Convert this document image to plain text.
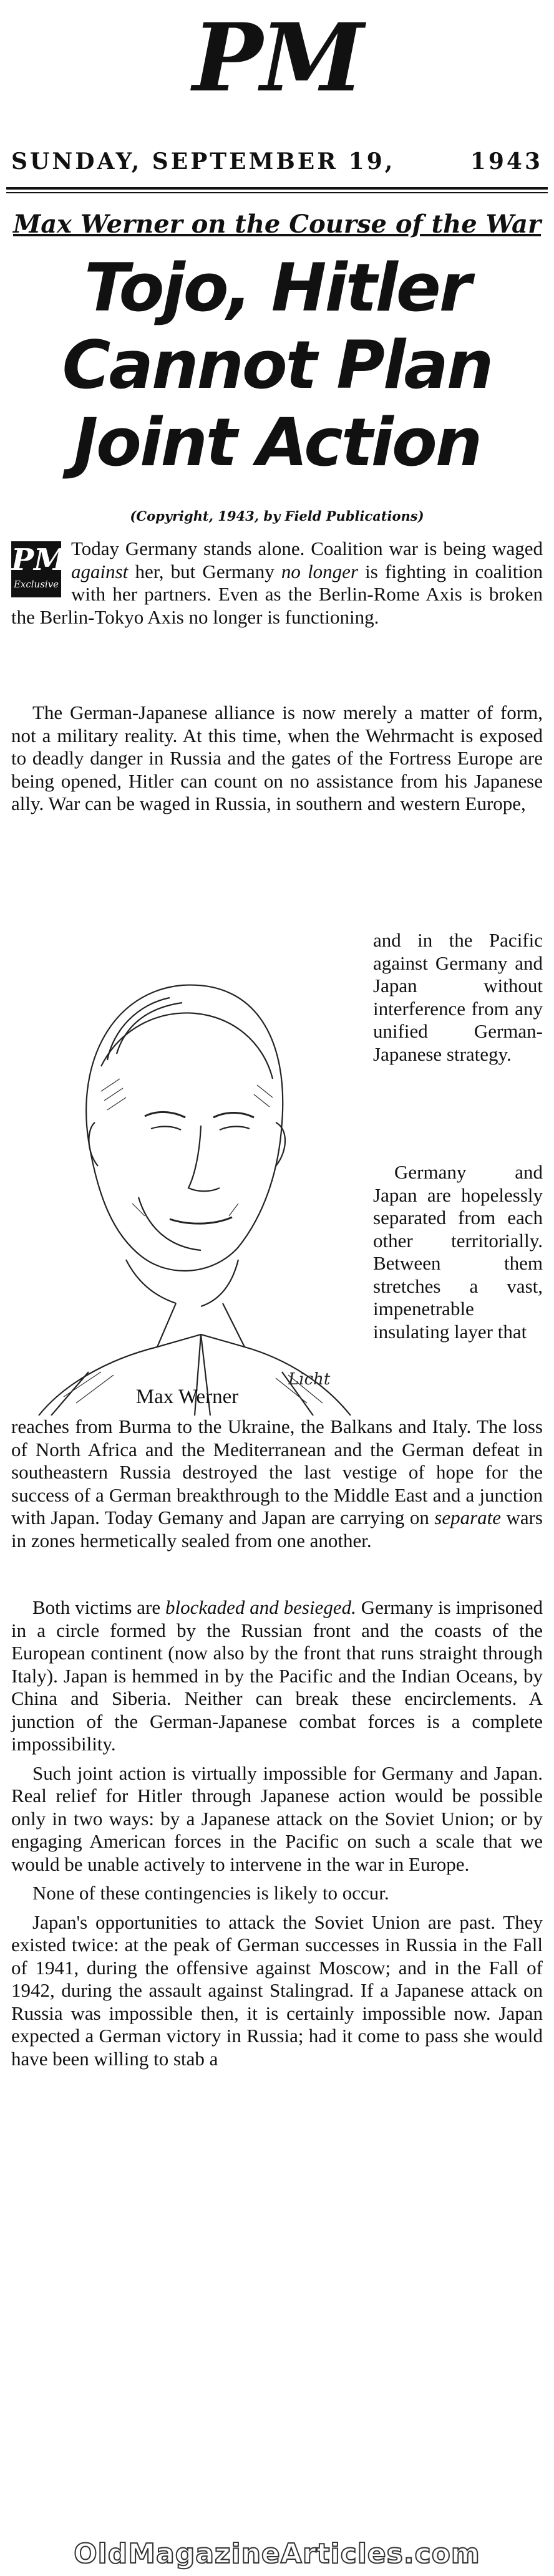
PM
SUNDAY, SEPTEMBER 19,	1943
Max Werner on the Course of the War
Tojo, Hitler
Cannot Plan
Joint Action
(Copyright, 1943, by Field Publications)
PM
Exclusive

Today Germany stands alone. Coalition war is being waged against her, but Germany no longer is fighting in coalition with her partners. Even as the Berlin-Rome Axis is broken the Berlin-Tokyo Axis no longer is functioning.

The German-Japanese alliance is now merely a matter of form, not a military reality. At this time, when the Wehrmacht is exposed to deadly danger in Russia and the gates of the Fortress Europe are being opened, Hitler can count on no assistance from his Japanese ally. War can be waged in Russia, in southern and western Europe,

Licht
Max Werner

and in the Pacific against Germany and Japan without interference from any unified German-Japanese strategy.

Germany and Japan are hopelessly separated from each other territorially. Between them stretches a vast, impenetrable insulating layer that

reaches from Burma to the Ukraine, the Balkans and Italy. The loss of North Africa and the Mediterranean and the German defeat in southeastern Russia destroyed the last vestige of hope for the success of a German breakthrough to the Middle East and a junction with Japan. Today Gemany and Japan are carrying on separate wars in zones hermetically sealed from one another.

Both victims are blockaded and besieged. Germany is imprisoned in a circle formed by the Russian front and the coasts of the European continent (now also by the front that runs straight through Italy). Japan is hemmed in by the Pacific and the Indian Oceans, by China and Siberia. Neither can break these encirclements. A junction of the German-Japanese combat forces is a complete impossibility.

Such joint action is virtually impossible for Germany and Japan. Real relief for Hitler through Japanese action would be possible only in two ways: by a Japanese attack on the Soviet Union; or by engaging American forces in the Pacific on such a scale that we would be unable actively to intervene in the war in Europe.

None of these contingencies is likely to occur.

Japan's opportunities to attack the Soviet Union are past. They existed twice: at the peak of German successes in Russia in the Fall of 1941, during the offensive against Moscow; and in the Fall of 1942, during the assault against Stalingrad. If a Japanese attack on Russia was impossible then, it is certainly impossible now. Japan expected a German victory in Russia; had it come to pass she would have been willing to stab a

OldMagazineArticles.com
